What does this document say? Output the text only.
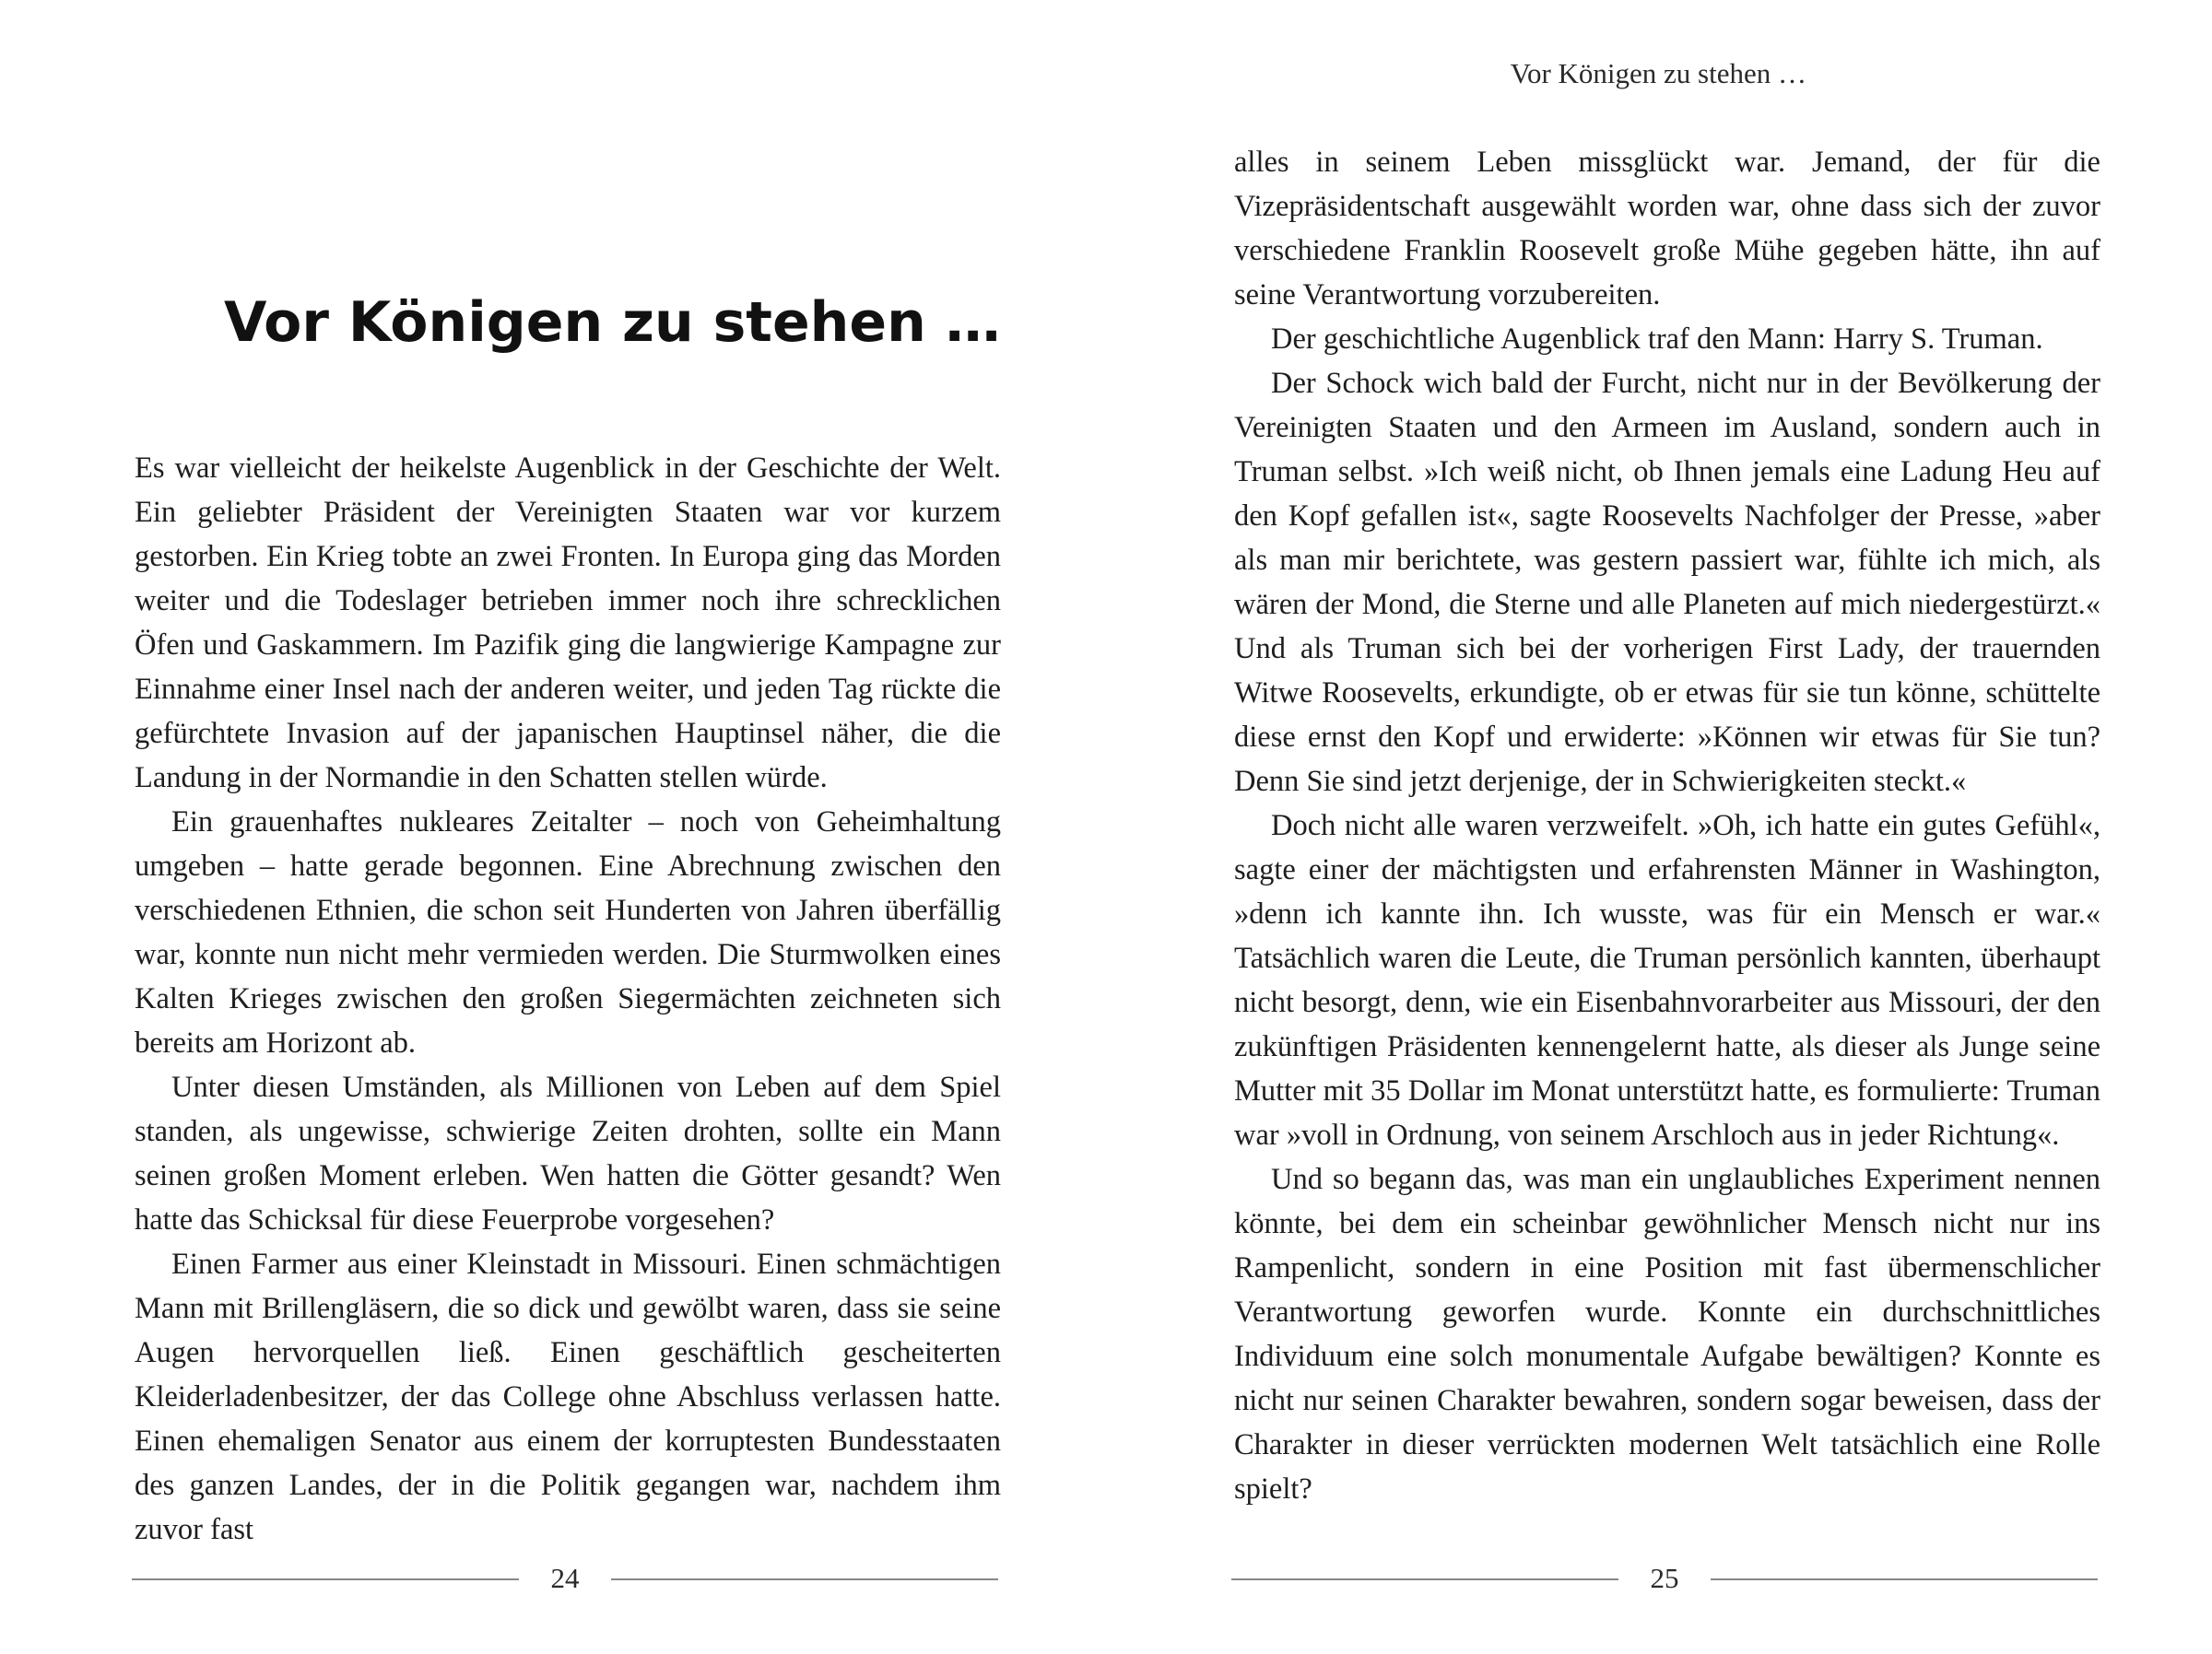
Vor Königen zu stehen …

Es war vielleicht der heikelste Augenblick in der Geschichte der Welt. Ein geliebter Präsident der Vereinigten Staaten war vor kurzem gestorben. Ein Krieg tobte an zwei Fronten. In Europa ging das Morden weiter und die Todeslager betrieben immer noch ihre schrecklichen Öfen und Gaskammern. Im Pazifik ging die langwierige Kampagne zur Einnahme einer Insel nach der anderen weiter, und jeden Tag rückte die gefürchtete Invasion auf der japanischen Hauptinsel näher, die die Landung in der Normandie in den Schatten stellen würde.

Ein grauenhaftes nukleares Zeitalter – noch von Geheimhaltung umgeben – hatte gerade begonnen. Eine Abrechnung zwischen den verschiedenen Ethnien, die schon seit Hunderten von Jahren überfällig war, konnte nun nicht mehr vermieden werden. Die Sturmwolken eines Kalten Krieges zwischen den großen Siegermächten zeichneten sich bereits am Horizont ab.

Unter diesen Umständen, als Millionen von Leben auf dem Spiel standen, als ungewisse, schwierige Zeiten drohten, sollte ein Mann seinen großen Moment erleben. Wen hatten die Götter gesandt? Wen hatte das Schicksal für diese Feuerprobe vorgesehen?

Einen Farmer aus einer Kleinstadt in Missouri. Einen schmächtigen Mann mit Brillengläsern, die so dick und gewölbt waren, dass sie seine Augen hervorquellen ließ. Einen geschäftlich gescheiterten Kleiderladenbesitzer, der das College ohne Abschluss verlassen hatte. Einen ehemaligen Senator aus einem der korruptesten Bundesstaaten des ganzen Landes, der in die Politik gegangen war, nachdem ihm zuvor fast

24
Vor Königen zu stehen …

alles in seinem Leben missglückt war. Jemand, der für die Vizepräsidentschaft ausgewählt worden war, ohne dass sich der zuvor verschiedene Franklin Roosevelt große Mühe gegeben hätte, ihn auf seine Verantwortung vorzubereiten.

Der geschichtliche Augenblick traf den Mann: Harry S. Truman.

Der Schock wich bald der Furcht, nicht nur in der Bevölkerung der Vereinigten Staaten und den Armeen im Ausland, sondern auch in Truman selbst. »Ich weiß nicht, ob Ihnen jemals eine Ladung Heu auf den Kopf gefallen ist«, sagte Roosevelts Nachfolger der Presse, »aber als man mir berichtete, was gestern passiert war, fühlte ich mich, als wären der Mond, die Sterne und alle Planeten auf mich niedergestürzt.« Und als Truman sich bei der vorherigen First Lady, der trauernden Witwe Roosevelts, erkundigte, ob er etwas für sie tun könne, schüttelte diese ernst den Kopf und erwiderte: »Können wir etwas für Sie tun? Denn Sie sind jetzt derjenige, der in Schwierigkeiten steckt.«

Doch nicht alle waren verzweifelt. »Oh, ich hatte ein gutes Gefühl«, sagte einer der mächtigsten und erfahrensten Männer in Washington, »denn ich kannte ihn. Ich wusste, was für ein Mensch er war.« Tatsächlich waren die Leute, die Truman persönlich kannten, überhaupt nicht besorgt, denn, wie ein Eisenbahnvorarbeiter aus Missouri, der den zukünftigen Präsidenten kennengelernt hatte, als dieser als Junge seine Mutter mit 35 Dollar im Monat unterstützt hatte, es formulierte: Truman war »voll in Ordnung, von seinem Arschloch aus in jeder Richtung«.

Und so begann das, was man ein unglaubliches Experiment nennen könnte, bei dem ein scheinbar gewöhnlicher Mensch nicht nur ins Rampenlicht, sondern in eine Position mit fast übermenschlicher Verantwortung geworfen wurde. Konnte ein durchschnittliches Individuum eine solch monumentale Aufgabe bewältigen? Konnte es nicht nur seinen Charakter bewahren, sondern sogar beweisen, dass der Charakter in dieser verrückten modernen Welt tatsächlich eine Rolle spielt?

25
